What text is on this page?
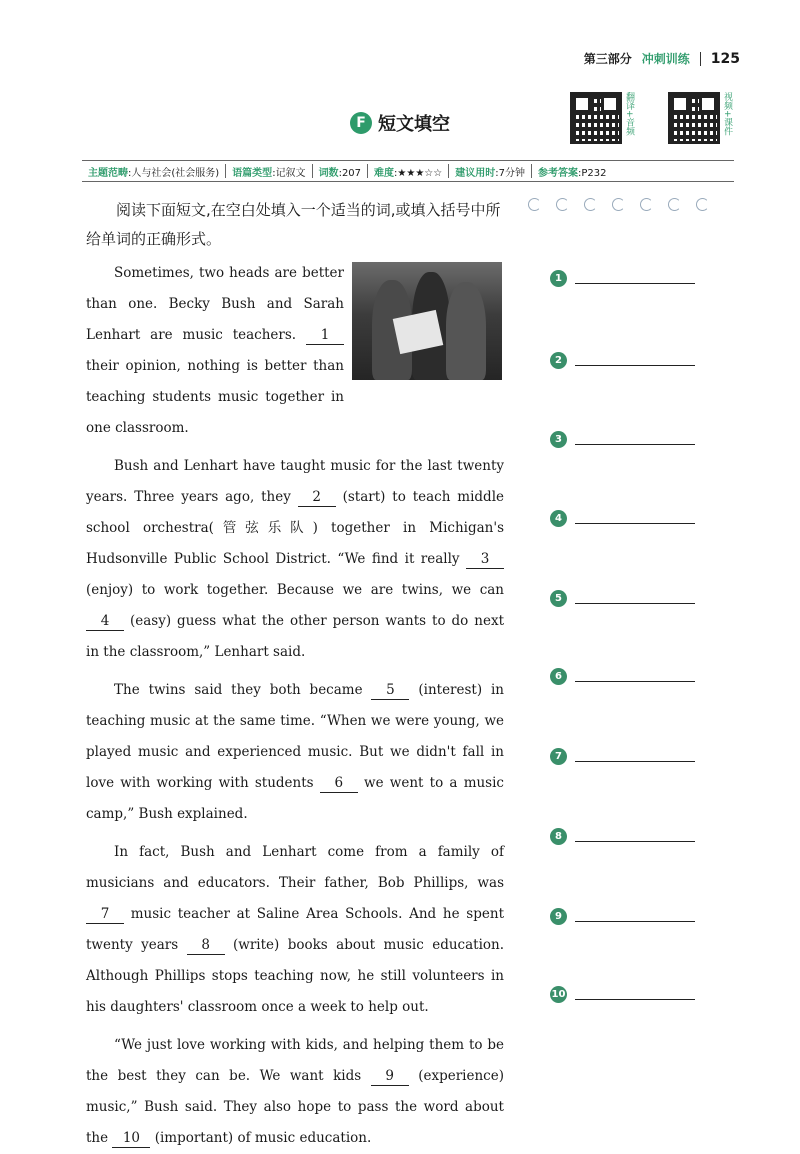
第三部分 冲刺训练 125
F 短文填空	翻译+音频	视频+课件
主题范畴:人与社会(社会服务)	语篇类型:记叙文	词数:207	难度:★★★☆☆	建议用时:7分钟	参考答案:P232
阅读下面短文,在空白处填入一个适当的词,或填入括号中所给单词的正确形式。

Sometimes, two heads are better than one. Becky Bush and Sarah Lenhart are music teachers. 1 their opinion, nothing is better than teaching students music together in one classroom.

Bush and Lenhart have taught music for the last twenty years. Three years ago, they 2 (start) to teach middle school orchestra(管弦乐队) together in Michigan's Hudsonville Public School District. “We find it really 3 (enjoy) to work together. Because we are twins, we can 4 (easy) guess what the other person wants to do next in the classroom,” Lenhart said.

The twins said they both became 5 (interest) in teaching music at the same time. “When we were young, we played music and experienced music. But we didn't fall in love with working with students 6 we went to a music camp,” Bush explained.

In fact, Bush and Lenhart come from a family of musicians and educators. Their father, Bob Phillips, was 7 music teacher at Saline Area Schools. And he spent twenty years 8 (write) books about music education. Although Phillips stops teaching now, he still volunteers in his daughters' classroom once a week to help out.

“We just love working with kids, and helping them to be the best they can be. We want kids 9 (experience) music,” Bush said. They also hope to pass the word about the 10 (important) of music education.

1
2
3
4
5
6
7
8
9
10
